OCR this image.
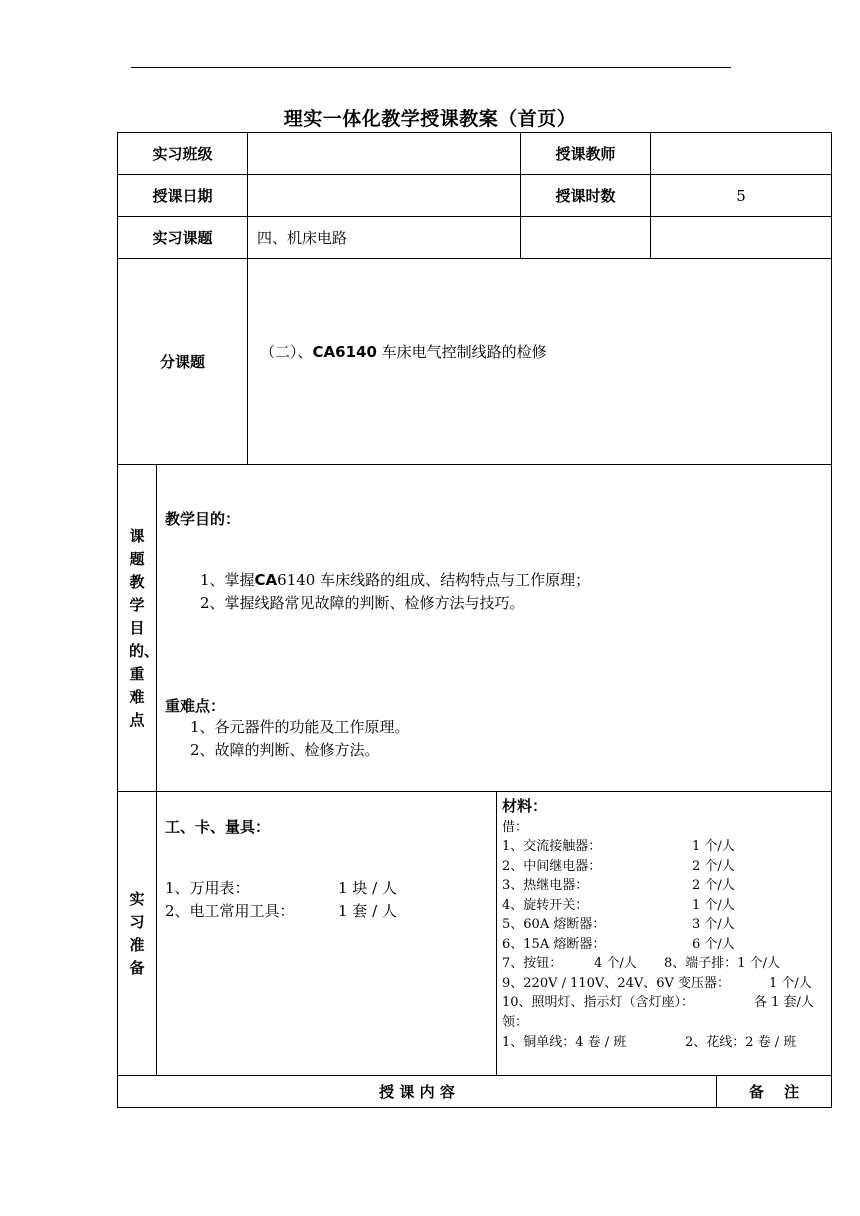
理实一体化教学授课教案（首页）
实习班级	授课教师
授课日期	授课时数	5
实习课题	四、机床电路
分课题
（二）、CA6140 车床电气控制线路的检修
课题教学目的、重难点
教学目的：
1、掌握CA6140 车床线路的组成、结构特点与工作原理；
2、掌握线路常见故障的判断、检修方法与技巧。
重难点：
1、各元器件的功能及工作原理。
2、故障的判断、检修方法。
实习准备
工、卡、量具：
1、万用表：	1 块 / 人
2、电工常用工具：	1 套 / 人
材料：
借：
1、交流接触器：	1 个/人
2、中间继电器：	2 个/人
3、热继电器：	2 个/人
4、旋转开关：	1 个/人
5、60A 熔断器：	3 个/人
6、15A 熔断器：	6 个/人
7、按钮： 4 个/人 8、端子排：1 个/人
9、220V / 110V、24V、6V 变压器：	1 个/人
10、照明灯、指示灯（含灯座）：	各 1 套/人
领：
1、铜单线：4 卷 / 班	2、花线：2 卷 / 班
授 课 内 容	备　 注
